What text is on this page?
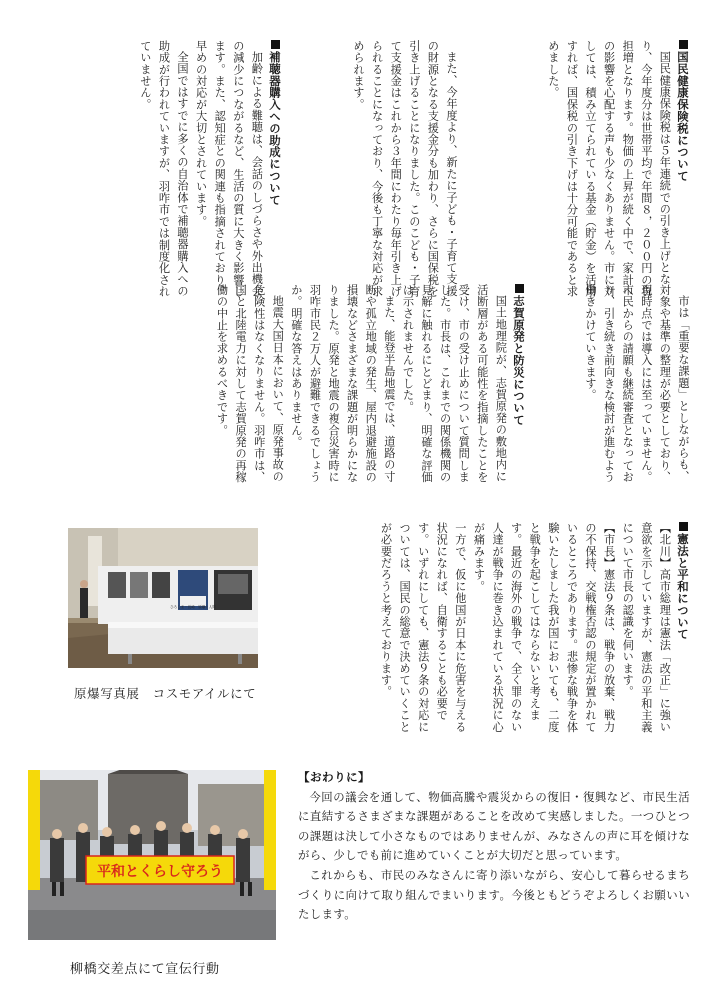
国民健康保険税について

国民健康保険税は５年連続での引き上げとなり、今年度分は世帯平均で年間８，２００円の負担増となります。物価の上昇が続く中で、家計への影響を心配する声も少なくありません。市に対しては、積み立てられている基金（貯金）を活用すれば、国保税の引き下げは十分可能であると求めました。

また、今年度より、新たに子ども・子育て支援の財源となる支援金分も加わり、さらに国保税を引き上げることになりました。このこども・子育て支援金はこれから３年間にわたり毎年引き上げられることになっており、今後も丁寧な対応が求められます。

補聴器購入への助成について

加齢による難聴は、会話のしづらさや外出機会の減少につながるなど、生活の質に大きく影響します。また、認知症との関連も指摘されており、早めの対応が大切とされています。

全国ではすでに多くの自治体で補聴器購入への助成が行われていますが、羽咋市では制度化されていません。

市は「重要な課題」としながらも、対象や基準の整理が必要としており、現時点では導入には至っていません。市民からの請願も継続審査となっており、引き続き前向きな検討が進むよう働きかけていきます。

志賀原発と防災について

国土地理院が、志賀原発の敷地内に活断層がある可能性を指摘したことを受け、市の受け止めについて質問しました。市長は、これまでの関係機関の見解に触れるにとどまり、明確な評価は示されませんでした。

また、能登半島地震では、道路の寸断や孤立地域の発生、屋内退避施設の損壊などさまざまな課題が明らかになりました。原発と地震の複合災害時に羽咋市民２万人が避難できるでしょうか。明確な答えはありません。

地震大国日本において、原発事故の危険性はなくなりません。羽咋市は、国と北陸電力に対して志賀原発の再稼働の中止を求めるべきです。

憲法と平和について

【北川】高市総理は憲法「改正」に強い意欲を示していますが、憲法の平和主義について市長の認識を伺います。

【市長】憲法９条は、戦争の放棄、戦力の不保持、交戦権否認の規定が置かれているところであります。悲惨な戦争を体験いたしました我が国においても、二度と戦争を起こしてはならないと考えます。最近の海外の戦争で、全く罪のない人達が戦争に巻き込まれている状況に心が痛みます。

一方で、仮に他国が日本に危害を与える状況になれば、自衛することも必要です。いずれにしても、憲法９条の対応については、国民の総意で決めていくことが必要だろうと考えております。

ひろしま・長崎　原爆と人間
原爆写真展　コスモアイルにて
平和とくらし守ろう
柳橋交差点にて宣伝行動
【おわりに】

今回の議会を通して、物価高騰や震災からの復旧・復興など、市民生活に直結するさまざまな課題があることを改めて実感しました。一つひとつの課題は決して小さなものではありませんが、みなさんの声に耳を傾けながら、少しでも前に進めていくことが大切だと思っています。

これからも、市民のみなさんに寄り添いながら、安心して暮らせるまちづくりに向けて取り組んでまいります。今後ともどうぞよろしくお願いいたします。
